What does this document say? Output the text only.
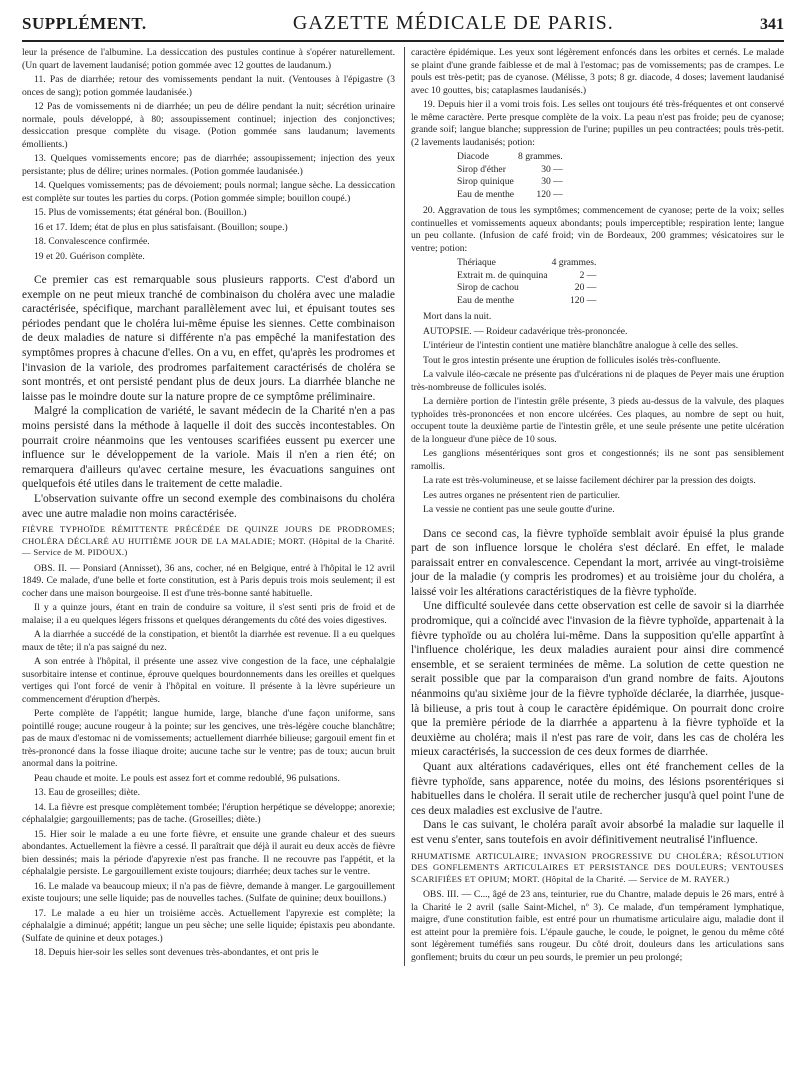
SUPPLÉMENT.	GAZETTE MÉDICALE DE PARIS.	341

leur la présence de l'albumine. La dessiccation des pustules continue à s'opérer naturellement. (Un quart de lavement laudanisé; potion gommée avec 12 gouttes de laudanum.)

11. Pas de diarrhée; retour des vomissements pendant la nuit. (Ventouses à l'épigastre (3 onces de sang); potion gommée laudanisée.)

12 Pas de vomissements ni de diarrhée; un peu de délire pendant la nuit; sécrétion urinaire normale, pouls développé, à 80; assoupissement continuel; injection des conjonctives; dessiccation presque complète du visage. (Potion gommée sans laudanum; lavements émollients.)

13. Quelques vomissements encore; pas de diarrhée; assoupissement; injection des yeux persistante; plus de délire; urines normales. (Potion gommée laudanisée.)

14. Quelques vomissements; pas de dévoiement; pouls normal; langue sèche. La dessiccation est complète sur toutes les parties du corps. (Potion gommée simple; bouillon coupé.)

15. Plus de vomissements; état général bon. (Bouillon.)

16 et 17. Idem; état de plus en plus satisfaisant. (Bouillon; soupe.)

18. Convalescence confirmée.

19 et 20. Guérison complète.

Ce premier cas est remarquable sous plusieurs rapports. C'est d'abord un exemple on ne peut mieux tranché de combinaison du choléra avec une maladie caractérisée, spécifique, marchant parallèlement avec lui, et épuisant toutes ses périodes pendant que le choléra lui-même épuise les siennes. Cette combinaison de deux maladies de nature si différente n'a pas empêché la manifestation des symptômes propres à chacune d'elles. On a vu, en effet, qu'après les prodromes et l'invasion de la variole, des prodromes parfaitement caractérisés de choléra se sont montrés, et ont persisté pendant plus de deux jours. La diarrhée blanche ne laisse pas le moindre doute sur la nature propre de ce symptôme préliminaire.

Malgré la complication de variété, le savant médecin de la Charité n'en a pas moins persisté dans la méthode à laquelle il doit des succès incontestables. On pourrait croire néanmoins que les ventouses scarifiées eussent pu exercer une influence sur le développement de la variole. Mais il n'en a rien été; on remarquera d'ailleurs qu'avec certaine mesure, les évacuations sanguines ont quelquefois été utiles dans le traitement de cette maladie.

L'observation suivante offre un second exemple des combinaisons du choléra avec une autre maladie non moins caractérisée.

FIÈVRE TYPHOÏDE RÉMITTENTE PRÉCÉDÉE DE QUINZE JOURS DE PRODROMES; CHOLÉRA DÉCLARÉ AU HUITIÈME JOUR DE LA MALADIE; MORT. (Hôpital de la Charité. — Service de M. PIDOUX.)

OBS. II. — Ponsiard (Annisset), 36 ans, cocher, né en Belgique, entré à l'hôpital le 12 avril 1849. Ce malade, d'une belle et forte constitution, est à Paris depuis trois mois seulement; il est cocher dans une maison bourgeoise. Il est d'une très-bonne santé habituelle.

Il y a quinze jours, étant en train de conduire sa voiture, il s'est senti pris de froid et de malaise; il a eu quelques légers frissons et quelques dérangements du côté des voies digestives.

A la diarrhée a succédé de la constipation, et bientôt la diarrhée est revenue. Il a eu quelques maux de tête; il n'a pas saigné du nez.

A son entrée à l'hôpital, il présente une assez vive congestion de la face, une céphalalgie susorbitaire intense et continue, éprouve quelques bourdonnements dans les oreilles et quelques vertiges qui l'ont forcé de venir à l'hôpital en voiture. Il présente à la lèvre supérieure un commencement d'éruption d'herpès.

Perte complète de l'appétit; langue humide, large, blanche d'une façon uniforme, sans pointillé rouge; aucune rougeur à la pointe; sur les gencives, une très-légère couche blanchâtre; pas de maux d'estomac ni de vomissements; actuellement diarrhée bilieuse; gargouil ement fin et très-prononcé dans la fosse iliaque droite; aucune tache sur le ventre; pas de toux; aucun bruit anormal dans la poitrine.

Peau chaude et moite. Le pouls est assez fort et comme redoublé, 96 pulsations.

13. Eau de groseilles; diète.

14. La fièvre est presque complètement tombée; l'éruption herpétique se développe; anorexie; céphalalgie; gargouillements; pas de tache. (Groseilles; diète.)

15. Hier soir le malade a eu une forte fièvre, et ensuite une grande chaleur et des sueurs abondantes. Actuellement la fièvre a cessé. Il paraîtrait que déjà il aurait eu deux accès de fièvre bien dessinés; mais la période d'apyrexie n'est pas franche. Il ne recouvre pas l'appétit, et la céphalalgie persiste. Le gargouillement existe toujours; diarrhée; deux taches sur le ventre.

16. Le malade va beaucoup mieux; il n'a pas de fièvre, demande à manger. Le gargouillement existe toujours; une selle liquide; pas de nouvelles taches. (Sulfate de quinine; deux bouillons.)

17. Le malade a eu hier un troisième accès. Actuellement l'apyrexie est complète; la céphalalgie a diminué; appétit; langue un peu sèche; une selle liquide; épistaxis peu abondante. (Sulfate de quinine et deux potages.)

18. Depuis hier-soir les selles sont devenues très-abondantes, et ont pris le

caractère épidémique. Les yeux sont légèrement enfoncés dans les orbites et cernés. Le malade se plaint d'une grande faiblesse et de mal à l'estomac; pas de vomissements; pas de crampes. Le pouls est très-petit; pas de cyanose. (Mélisse, 3 pots; 8 gr. diacode, 4 doses; lavement laudanisé avec 10 gouttes, bis; cataplasmes laudanisés.)

19. Depuis hier il a vomi trois fois. Les selles ont toujours été très-fréquentes et ont conservé le même caractère. Perte presque complète de la voix. La peau n'est pas froide; peu de cyanose; grande soif; langue blanche; suppression de l'urine; pupilles un peu contractées; pouls très-petit. (2 lavements laudanisés; potion:

Diacode	8 grammes.
Sirop d'éther	30 —
Sirop quinique	30 —
Eau de menthe	120 —

20. Aggravation de tous les symptômes; commencement de cyanose; perte de la voix; selles continuelles et vomissements aqueux abondants; pouls imperceptible; respiration lente; langue un peu collante. (Infusion de café froid; vin de Bordeaux, 200 grammes; vésicatoires sur le ventre; potion:

Thériaque	4 grammes.
Extrait m. de quinquina	2 —
Sirop de cachou	20 —
Eau de menthe	120 —

Mort dans la nuit.

AUTOPSIE. — Roideur cadavérique très-prononcée.

L'intérieur de l'intestin contient une matière blanchâtre analogue à celle des selles.

Tout le gros intestin présente une éruption de follicules isolés très-confluente.

La valvule iléo-cæcale ne présente pas d'ulcérations ni de plaques de Peyer mais une éruption très-nombreuse de follicules isolés.

La dernière portion de l'intestin grêle présente, 3 pieds au-dessus de la valvule, des plaques typhoïdes très-prononcées et non encore ulcérées. Ces plaques, au nombre de sept ou huit, occupent toute la deuxième partie de l'intestin grêle, et une seule présente une petite ulcération de la longueur d'une pièce de 10 sous.

Les ganglions mésentériques sont gros et congestionnés; ils ne sont pas sensiblement ramollis.

La rate est très-volumineuse, et se laisse facilement déchirer par la pression des doigts.

Les autres organes ne présentent rien de particulier.

La vessie ne contient pas une seule goutte d'urine.

Dans ce second cas, la fièvre typhoïde semblait avoir épuisé la plus grande part de son influence lorsque le choléra s'est déclaré. En effet, le malade paraissait entrer en convalescence. Cependant la mort, arrivée au vingt-troisième jour de la maladie (y compris les prodromes) et au troisième jour du choléra, a laissé voir les altérations caractéristiques de la fièvre typhoïde.

Une difficulté soulevée dans cette observation est celle de savoir si la diarrhée prodromique, qui a coïncidé avec l'invasion de la fièvre typhoïde, appartenait à la fièvre typhoïde ou au choléra lui-même. Dans la supposition qu'elle appartînt à l'influence cholérique, les deux maladies auraient pour ainsi dire commencé ensemble, et se seraient terminées de même. La solution de cette question ne serait possible que par la comparaison d'un grand nombre de faits. Ajoutons néanmoins qu'au sixième jour de la fièvre typhoïde déclarée, la diarrhée, jusque-là bilieuse, a pris tout à coup le caractère épidémique. On pourrait donc croire que la première période de la diarrhée a appartenu à la fièvre typhoïde et la deuxième au choléra; mais il n'est pas rare de voir, dans les cas de choléra les mieux caractérisés, la succession de ces deux formes de diarrhée.

Quant aux altérations cadavériques, elles ont été franchement celles de la fièvre typhoïde, sans apparence, notée du moins, des lésions psorentériques si habituelles dans le choléra. Il serait utile de rechercher jusqu'à quel point l'une de ces deux maladies est exclusive de l'autre.

Dans le cas suivant, le choléra paraît avoir absorbé la maladie sur laquelle il est venu s'enter, sans toutefois en avoir définitivement neutralisé l'influence.

RHUMATISME ARTICULAIRE; INVASION PROGRESSIVE DU CHOLÉRA; RÉSOLUTION DES GONFLEMENTS ARTICULAIRES ET PERSISTANCE DES DOULEURS; VENTOUSES SCARIFIÉES ET OPIUM; MORT. (Hôpital de la Charité. — Service de M. RAYER.)

OBS. III. — C..., âgé de 23 ans, teinturier, rue du Chantre, malade depuis le 26 mars, entré à la Charité le 2 avril (salle Saint-Michel, nº 3). Ce malade, d'un tempérament lymphatique, maigre, d'une constitution faible, est entré pour un rhumatisme articulaire aigu, maladie dont il est atteint pour la première fois. L'épaule gauche, le coude, le poignet, le genou du même côté sont légèrement tuméfiés sans rougeur. Du côté droit, douleurs dans les articulations sans gonflement; bruits du cœur un peu sourds, le premier un peu prolongé;
